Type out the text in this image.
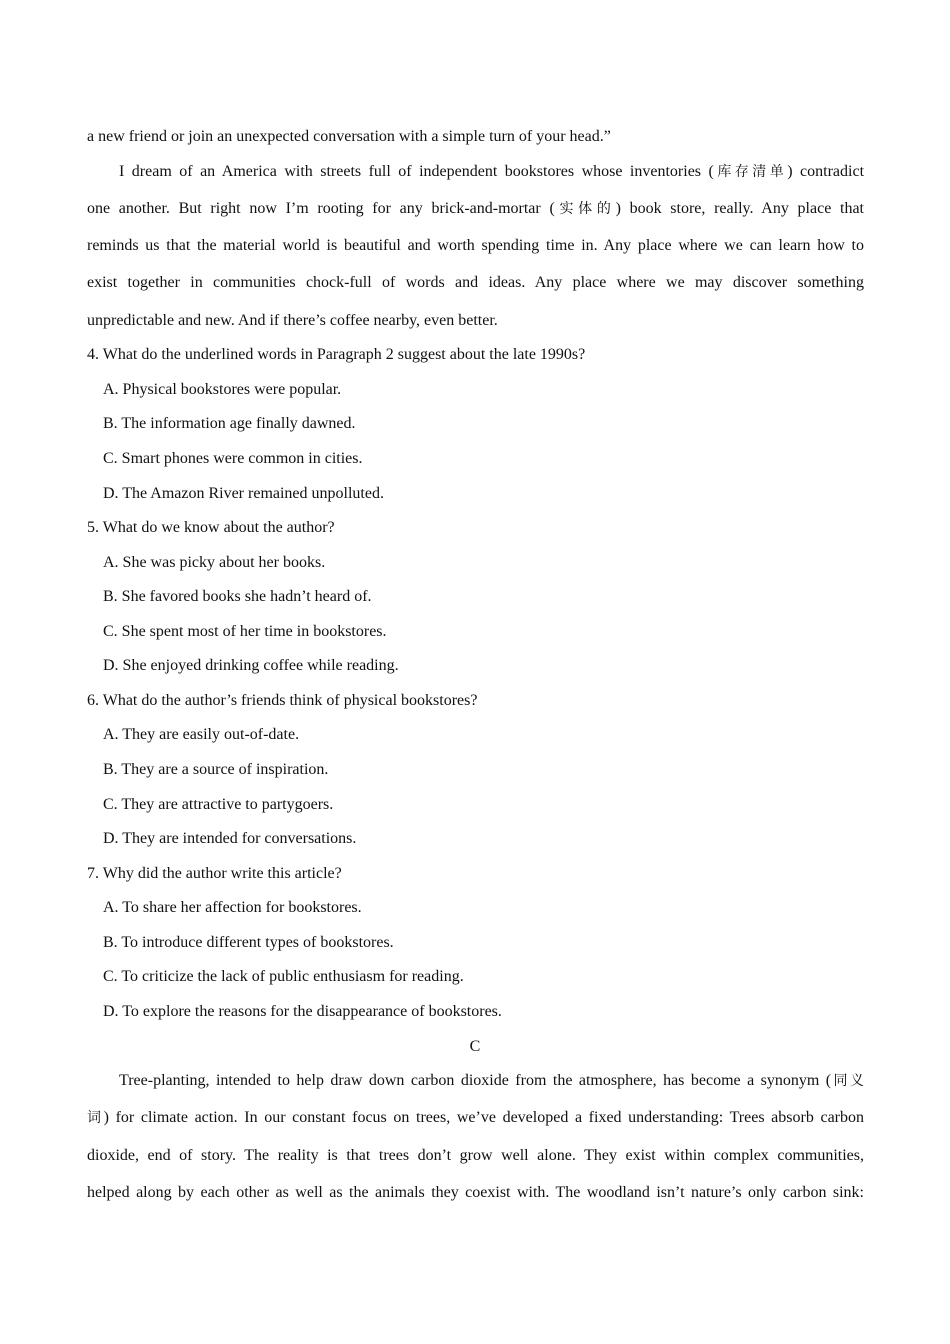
a new friend or join an unexpected conversation with a simple turn of your head.”
I dream of an America with streets full of independent bookstores whose inventories (库存清单) contradict
one another. But right now I’m rooting for any brick-and-mortar (实体的) book store, really. Any place that
reminds us that the material world is beautiful and worth spending time in. Any place where we can learn how to
exist together in communities chock-full of words and ideas. Any place where we may discover something
unpredictable and new. And if there’s coffee nearby, even better.
4. What do the underlined words in Paragraph 2 suggest about the late 1990s?
A. Physical bookstores were popular.
B. The information age finally dawned.
C. Smart phones were common in cities.
D. The Amazon River remained unpolluted.
5. What do we know about the author?
A. She was picky about her books.
B. She favored books she hadn’t heard of.
C. She spent most of her time in bookstores.
D. She enjoyed drinking coffee while reading.
6. What do the author’s friends think of physical bookstores?
A. They are easily out-of-date.
B. They are a source of inspiration.
C. They are attractive to partygoers.
D. They are intended for conversations.
7. Why did the author write this article?
A. To share her affection for bookstores.
B. To introduce different types of bookstores.
C. To criticize the lack of public enthusiasm for reading.
D. To explore the reasons for the disappearance of bookstores.
C
Tree-planting, intended to help draw down carbon dioxide from the atmosphere, has become a synonym (同义
词) for climate action. In our constant focus on trees, we’ve developed a fixed understanding: Trees absorb carbon
dioxide, end of story. The reality is that trees don’t grow well alone. They exist within complex communities,
helped along by each other as well as the animals they coexist with. The woodland isn’t nature’s only carbon sink:
